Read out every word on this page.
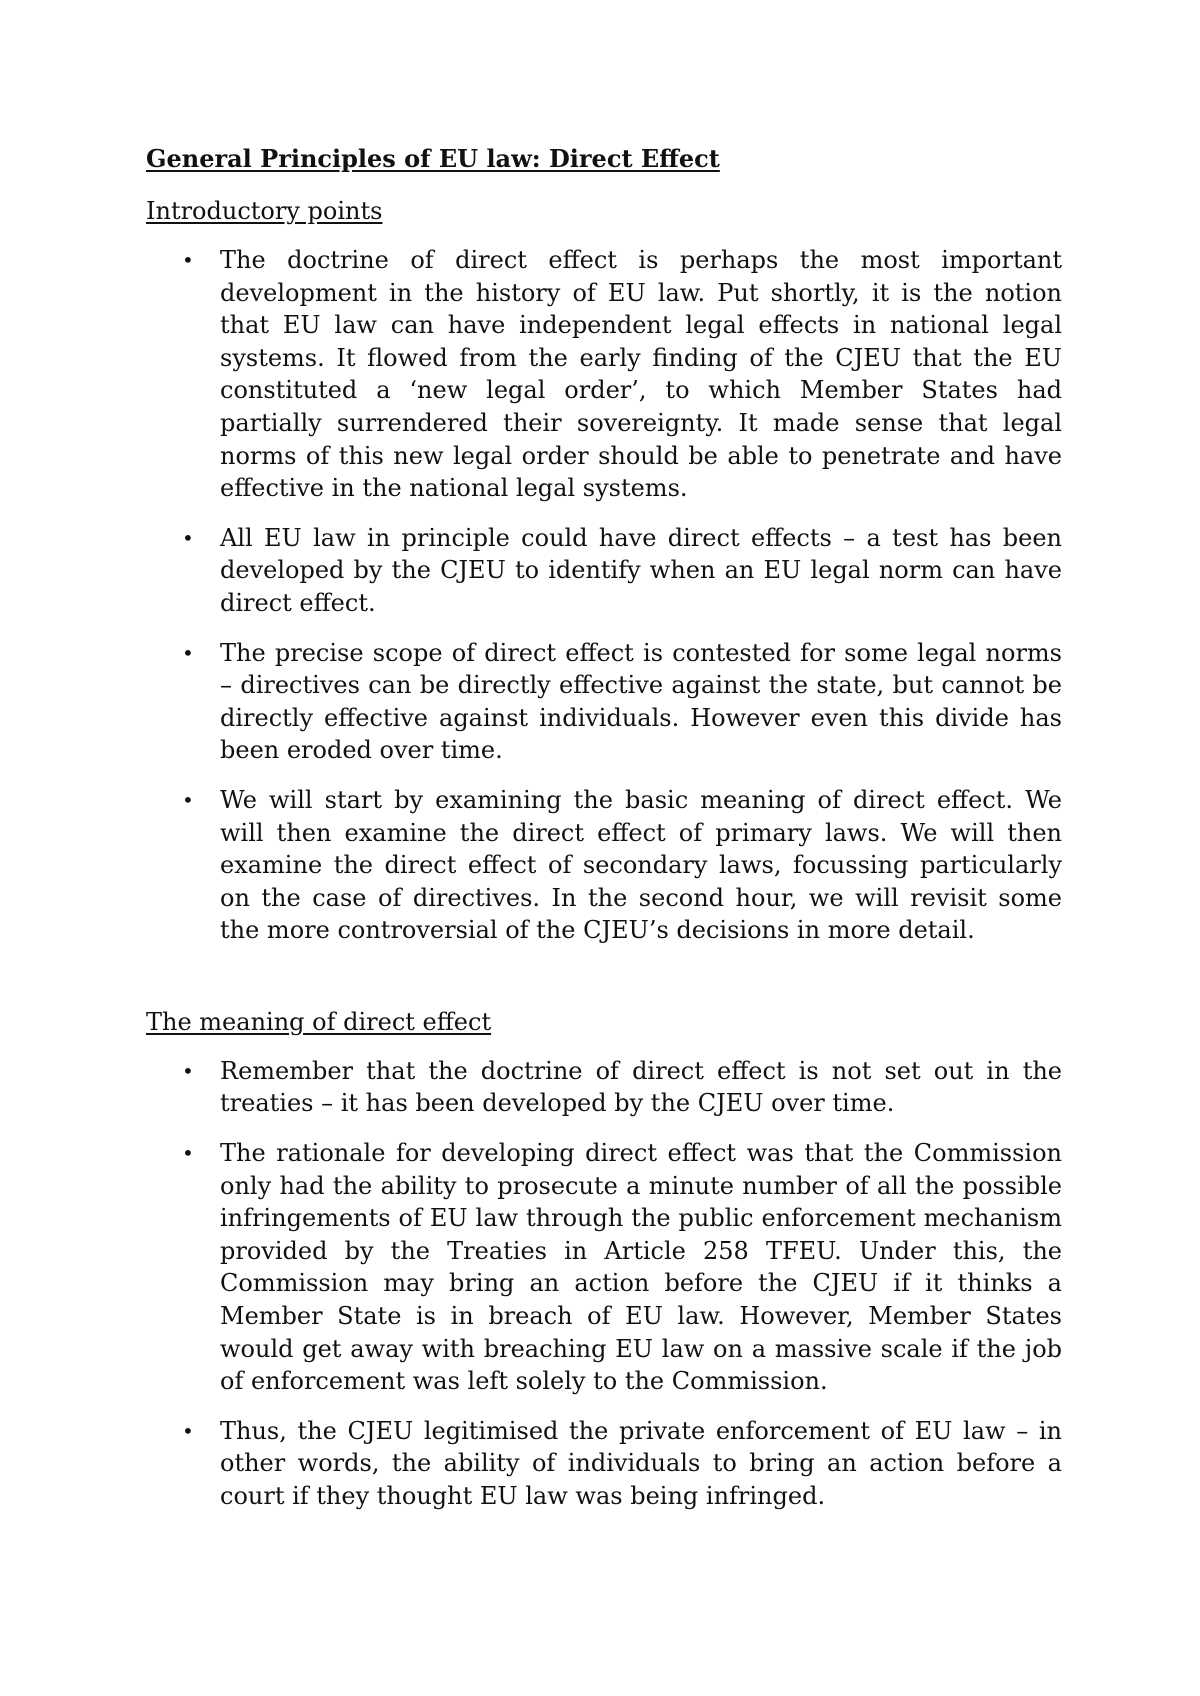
General Principles of EU law: Direct Effect
Introductory points
• The doctrine of direct effect is perhaps the most important development in the history of EU law. Put shortly, it is the notion that EU law can have independent legal effects in national legal systems. It flowed from the early finding of the CJEU that the EU constituted a ‘new legal order’, to which Member States had partially surrendered their sovereignty. It made sense that legal norms of this new legal order should be able to penetrate and have effective in the national legal systems.
• All EU law in principle could have direct effects – a test has been developed by the CJEU to identify when an EU legal norm can have direct effect.
• The precise scope of direct effect is contested for some legal norms – directives can be directly effective against the state, but cannot be directly effective against individuals. However even this divide has been eroded over time.
• We will start by examining the basic meaning of direct effect. We will then examine the direct effect of primary laws. We will then examine the direct effect of secondary laws, focussing particularly on the case of directives. In the second hour, we will revisit some the more controversial of the CJEU’s decisions in more detail.
The meaning of direct effect
• Remember that the doctrine of direct effect is not set out in the treaties – it has been developed by the CJEU over time.
• The rationale for developing direct effect was that the Commission only had the ability to prosecute a minute number of all the possible infringements of EU law through the public enforcement mechanism provided by the Treaties in Article 258 TFEU. Under this, the Commission may bring an action before the CJEU if it thinks a Member State is in breach of EU law. However, Member States would get away with breaching EU law on a massive scale if the job of enforcement was left solely to the Commission.
• Thus, the CJEU legitimised the private enforcement of EU law – in other words, the ability of individuals to bring an action before a court if they thought EU law was being infringed.
